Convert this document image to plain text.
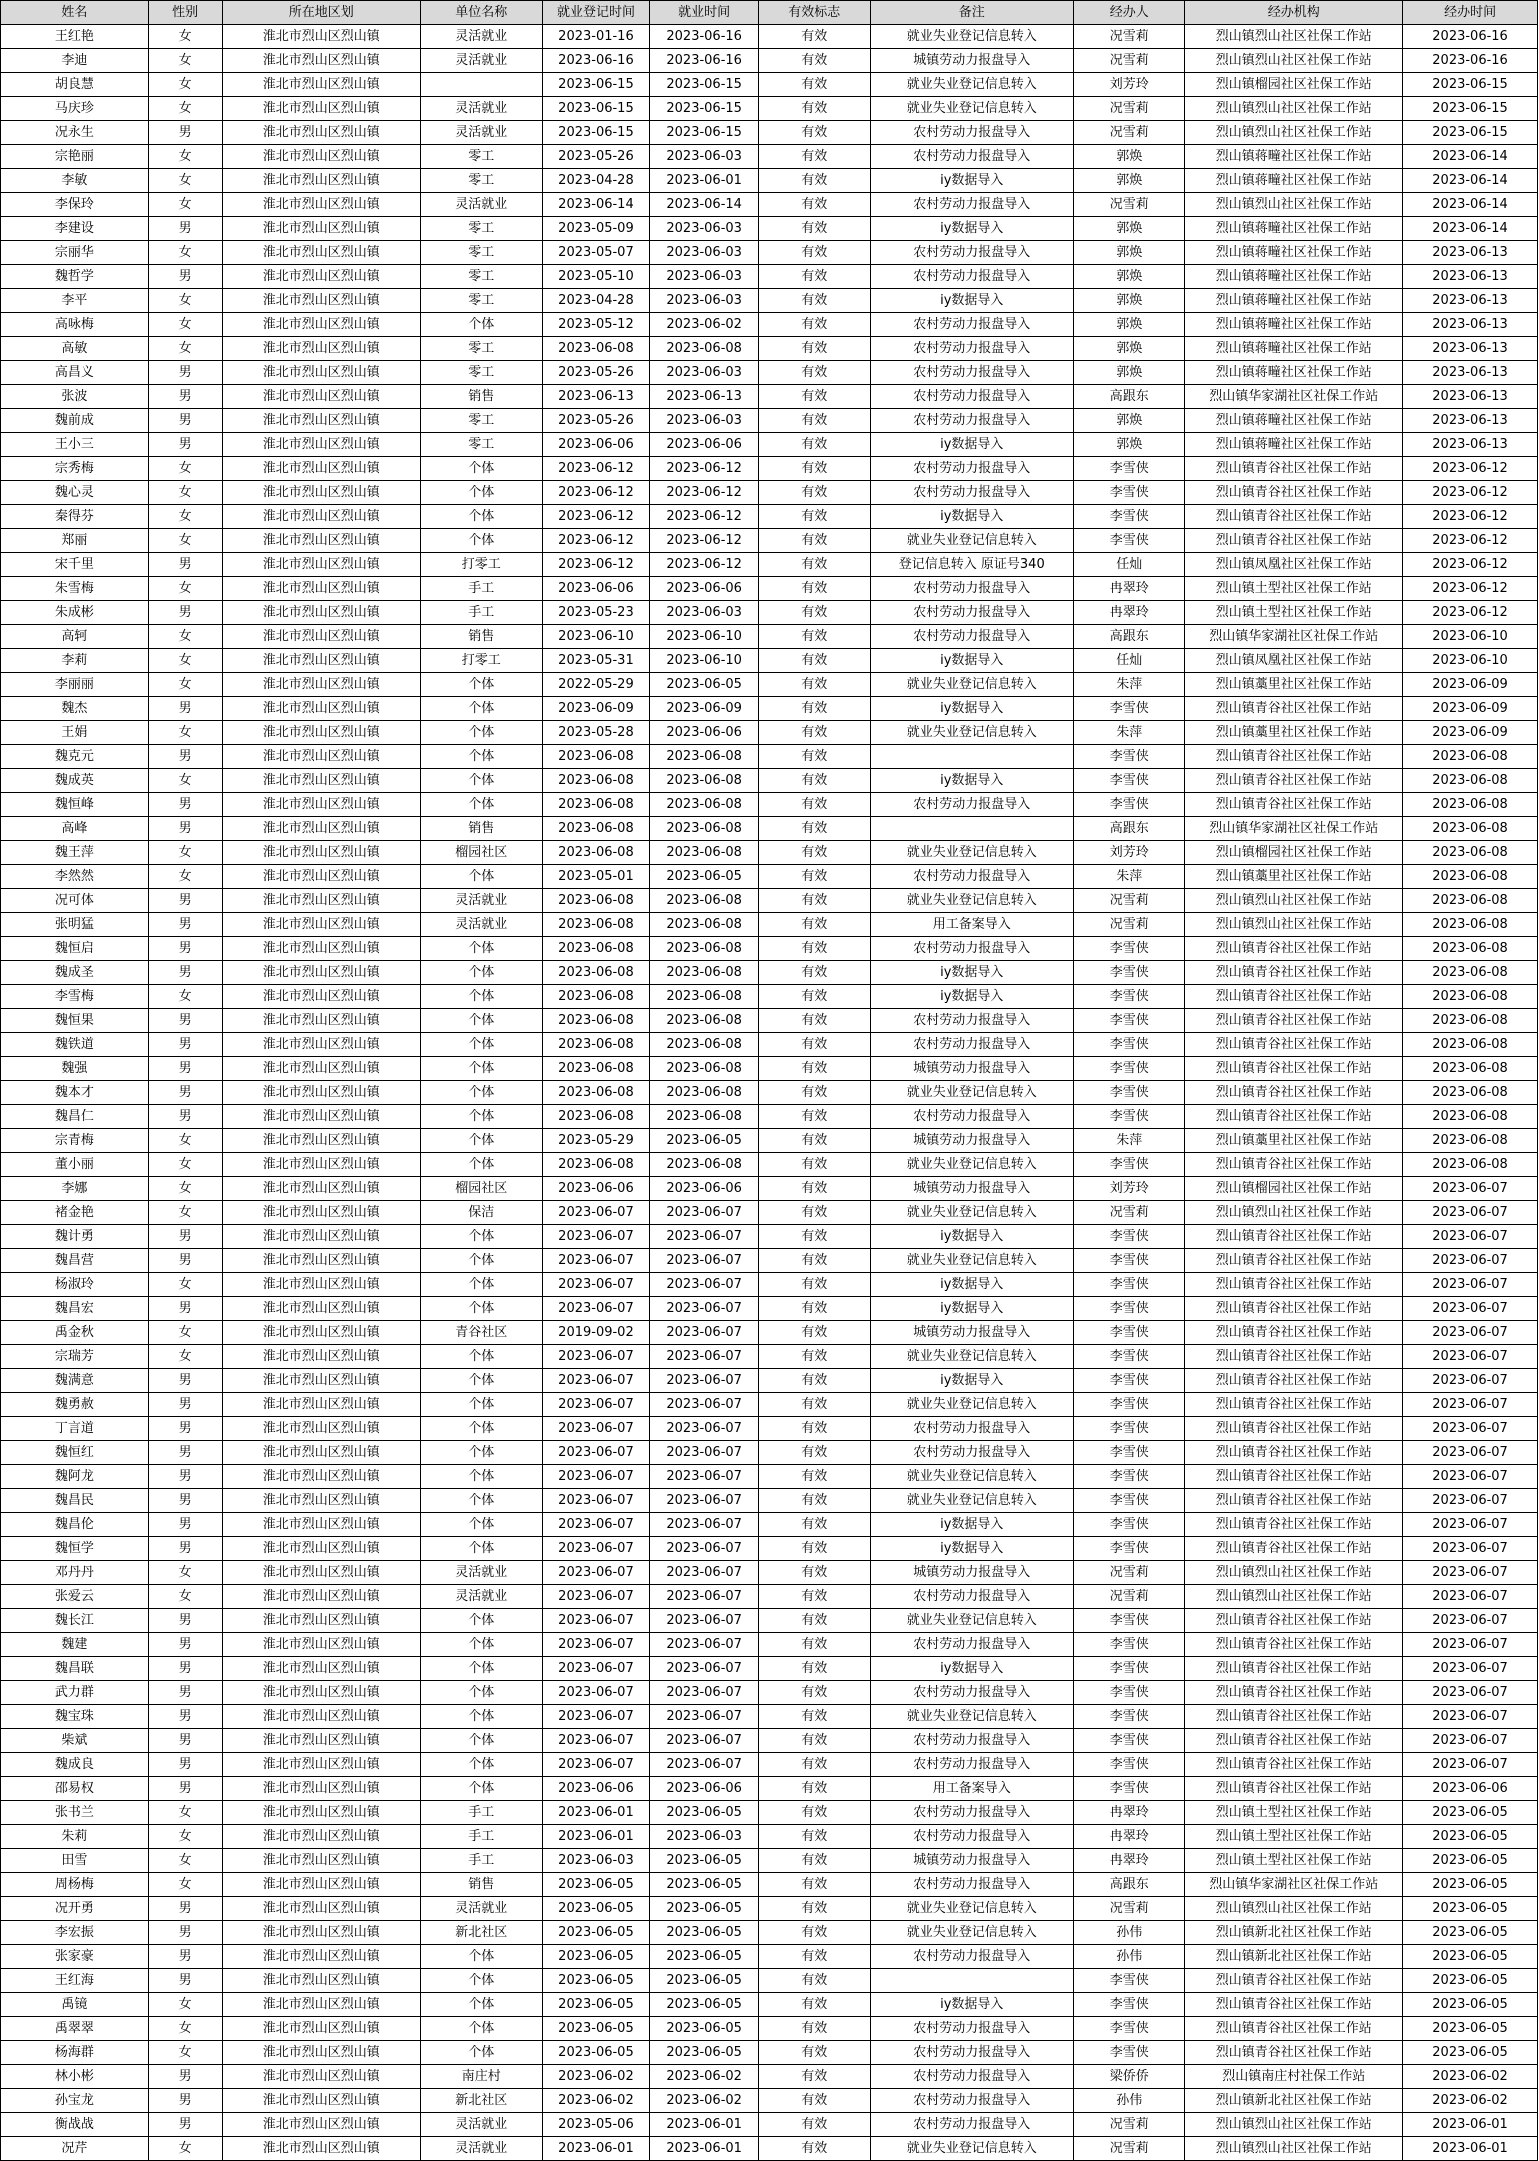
姓名	性别	所在地区划	单位名称	就业登记时间	就业时间	有效标志	备注	经办人	经办机构	经办时间
王红艳	女	淮北市烈山区烈山镇	灵活就业	2023-01-16	2023-06-16	有效	就业失业登记信息转入	况雪莉	烈山镇烈山社区社保工作站	2023-06-16
李迪	女	淮北市烈山区烈山镇	灵活就业	2023-06-16	2023-06-16	有效	城镇劳动力报盘导入	况雪莉	烈山镇烈山社区社保工作站	2023-06-16
胡良慧	女	淮北市烈山区烈山镇		2023-06-15	2023-06-15	有效	就业失业登记信息转入	刘芳玲	烈山镇榴园社区社保工作站	2023-06-15
马庆珍	女	淮北市烈山区烈山镇	灵活就业	2023-06-15	2023-06-15	有效	就业失业登记信息转入	况雪莉	烈山镇烈山社区社保工作站	2023-06-15
况永生	男	淮北市烈山区烈山镇	灵活就业	2023-06-15	2023-06-15	有效	农村劳动力报盘导入	况雪莉	烈山镇烈山社区社保工作站	2023-06-15
宗艳丽	女	淮北市烈山区烈山镇	零工	2023-05-26	2023-06-03	有效	农村劳动力报盘导入	郭焕	烈山镇蒋疃社区社保工作站	2023-06-14
李敏	女	淮北市烈山区烈山镇	零工	2023-04-28	2023-06-01	有效	iy数据导入	郭焕	烈山镇蒋疃社区社保工作站	2023-06-14
李保玲	女	淮北市烈山区烈山镇	灵活就业	2023-06-14	2023-06-14	有效	农村劳动力报盘导入	况雪莉	烈山镇烈山社区社保工作站	2023-06-14
李建设	男	淮北市烈山区烈山镇	零工	2023-05-09	2023-06-03	有效	iy数据导入	郭焕	烈山镇蒋疃社区社保工作站	2023-06-14
宗丽华	女	淮北市烈山区烈山镇	零工	2023-05-07	2023-06-03	有效	农村劳动力报盘导入	郭焕	烈山镇蒋疃社区社保工作站	2023-06-13
魏哲学	男	淮北市烈山区烈山镇	零工	2023-05-10	2023-06-03	有效	农村劳动力报盘导入	郭焕	烈山镇蒋疃社区社保工作站	2023-06-13
李平	女	淮北市烈山区烈山镇	零工	2023-04-28	2023-06-03	有效	iy数据导入	郭焕	烈山镇蒋疃社区社保工作站	2023-06-13
高咏梅	女	淮北市烈山区烈山镇	个体	2023-05-12	2023-06-02	有效	农村劳动力报盘导入	郭焕	烈山镇蒋疃社区社保工作站	2023-06-13
高敏	女	淮北市烈山区烈山镇	零工	2023-06-08	2023-06-08	有效	农村劳动力报盘导入	郭焕	烈山镇蒋疃社区社保工作站	2023-06-13
高昌义	男	淮北市烈山区烈山镇	零工	2023-05-26	2023-06-03	有效	农村劳动力报盘导入	郭焕	烈山镇蒋疃社区社保工作站	2023-06-13
张波	男	淮北市烈山区烈山镇	销售	2023-06-13	2023-06-13	有效	农村劳动力报盘导入	高跟东	烈山镇华家湖社区社保工作站	2023-06-13
魏前成	男	淮北市烈山区烈山镇	零工	2023-05-26	2023-06-03	有效	农村劳动力报盘导入	郭焕	烈山镇蒋疃社区社保工作站	2023-06-13
王小三	男	淮北市烈山区烈山镇	零工	2023-06-06	2023-06-06	有效	iy数据导入	郭焕	烈山镇蒋疃社区社保工作站	2023-06-13
宗秀梅	女	淮北市烈山区烈山镇	个体	2023-06-12	2023-06-12	有效	农村劳动力报盘导入	李雪侠	烈山镇青谷社区社保工作站	2023-06-12
魏心灵	女	淮北市烈山区烈山镇	个体	2023-06-12	2023-06-12	有效	农村劳动力报盘导入	李雪侠	烈山镇青谷社区社保工作站	2023-06-12
秦得芬	女	淮北市烈山区烈山镇	个体	2023-06-12	2023-06-12	有效	iy数据导入	李雪侠	烈山镇青谷社区社保工作站	2023-06-12
郑丽	女	淮北市烈山区烈山镇	个体	2023-06-12	2023-06-12	有效	就业失业登记信息转入	李雪侠	烈山镇青谷社区社保工作站	2023-06-12
宋千里	男	淮北市烈山区烈山镇	打零工	2023-06-12	2023-06-12	有效	登记信息转入 原证号340	任灿	烈山镇凤凰社区社保工作站	2023-06-12
朱雪梅	女	淮北市烈山区烈山镇	手工	2023-06-06	2023-06-06	有效	农村劳动力报盘导入	冉翠玲	烈山镇土型社区社保工作站	2023-06-12
朱成彬	男	淮北市烈山区烈山镇	手工	2023-05-23	2023-06-03	有效	农村劳动力报盘导入	冉翠玲	烈山镇土型社区社保工作站	2023-06-12
高轲	女	淮北市烈山区烈山镇	销售	2023-06-10	2023-06-10	有效	农村劳动力报盘导入	高跟东	烈山镇华家湖社区社保工作站	2023-06-10
李莉	女	淮北市烈山区烈山镇	打零工	2023-05-31	2023-06-10	有效	iy数据导入	任灿	烈山镇凤凰社区社保工作站	2023-06-10
李丽丽	女	淮北市烈山区烈山镇	个体	2022-05-29	2023-06-05	有效	就业失业登记信息转入	朱萍	烈山镇藁里社区社保工作站	2023-06-09
魏杰	男	淮北市烈山区烈山镇	个体	2023-06-09	2023-06-09	有效	iy数据导入	李雪侠	烈山镇青谷社区社保工作站	2023-06-09
王娟	女	淮北市烈山区烈山镇	个体	2023-05-28	2023-06-06	有效	就业失业登记信息转入	朱萍	烈山镇藁里社区社保工作站	2023-06-09
魏克元	男	淮北市烈山区烈山镇	个体	2023-06-08	2023-06-08	有效		李雪侠	烈山镇青谷社区社保工作站	2023-06-08
魏成英	女	淮北市烈山区烈山镇	个体	2023-06-08	2023-06-08	有效	iy数据导入	李雪侠	烈山镇青谷社区社保工作站	2023-06-08
魏恒峰	男	淮北市烈山区烈山镇	个体	2023-06-08	2023-06-08	有效	农村劳动力报盘导入	李雪侠	烈山镇青谷社区社保工作站	2023-06-08
高峰	男	淮北市烈山区烈山镇	销售	2023-06-08	2023-06-08	有效		高跟东	烈山镇华家湖社区社保工作站	2023-06-08
魏王萍	女	淮北市烈山区烈山镇	榴园社区	2023-06-08	2023-06-08	有效	就业失业登记信息转入	刘芳玲	烈山镇榴园社区社保工作站	2023-06-08
李然然	女	淮北市烈山区烈山镇	个体	2023-05-01	2023-06-05	有效	农村劳动力报盘导入	朱萍	烈山镇藁里社区社保工作站	2023-06-08
况可体	男	淮北市烈山区烈山镇	灵活就业	2023-06-08	2023-06-08	有效	就业失业登记信息转入	况雪莉	烈山镇烈山社区社保工作站	2023-06-08
张明猛	男	淮北市烈山区烈山镇	灵活就业	2023-06-08	2023-06-08	有效	用工备案导入	况雪莉	烈山镇烈山社区社保工作站	2023-06-08
魏恒启	男	淮北市烈山区烈山镇	个体	2023-06-08	2023-06-08	有效	农村劳动力报盘导入	李雪侠	烈山镇青谷社区社保工作站	2023-06-08
魏成圣	男	淮北市烈山区烈山镇	个体	2023-06-08	2023-06-08	有效	iy数据导入	李雪侠	烈山镇青谷社区社保工作站	2023-06-08
李雪梅	女	淮北市烈山区烈山镇	个体	2023-06-08	2023-06-08	有效	iy数据导入	李雪侠	烈山镇青谷社区社保工作站	2023-06-08
魏恒果	男	淮北市烈山区烈山镇	个体	2023-06-08	2023-06-08	有效	农村劳动力报盘导入	李雪侠	烈山镇青谷社区社保工作站	2023-06-08
魏铁道	男	淮北市烈山区烈山镇	个体	2023-06-08	2023-06-08	有效	农村劳动力报盘导入	李雪侠	烈山镇青谷社区社保工作站	2023-06-08
魏强	男	淮北市烈山区烈山镇	个体	2023-06-08	2023-06-08	有效	城镇劳动力报盘导入	李雪侠	烈山镇青谷社区社保工作站	2023-06-08
魏本才	男	淮北市烈山区烈山镇	个体	2023-06-08	2023-06-08	有效	就业失业登记信息转入	李雪侠	烈山镇青谷社区社保工作站	2023-06-08
魏昌仁	男	淮北市烈山区烈山镇	个体	2023-06-08	2023-06-08	有效	农村劳动力报盘导入	李雪侠	烈山镇青谷社区社保工作站	2023-06-08
宗青梅	女	淮北市烈山区烈山镇	个体	2023-05-29	2023-06-05	有效	城镇劳动力报盘导入	朱萍	烈山镇藁里社区社保工作站	2023-06-08
董小丽	女	淮北市烈山区烈山镇	个体	2023-06-08	2023-06-08	有效	就业失业登记信息转入	李雪侠	烈山镇青谷社区社保工作站	2023-06-08
李娜	女	淮北市烈山区烈山镇	榴园社区	2023-06-06	2023-06-06	有效	城镇劳动力报盘导入	刘芳玲	烈山镇榴园社区社保工作站	2023-06-07
褚金艳	女	淮北市烈山区烈山镇	保洁	2023-06-07	2023-06-07	有效	就业失业登记信息转入	况雪莉	烈山镇烈山社区社保工作站	2023-06-07
魏计勇	男	淮北市烈山区烈山镇	个体	2023-06-07	2023-06-07	有效	iy数据导入	李雪侠	烈山镇青谷社区社保工作站	2023-06-07
魏昌营	男	淮北市烈山区烈山镇	个体	2023-06-07	2023-06-07	有效	就业失业登记信息转入	李雪侠	烈山镇青谷社区社保工作站	2023-06-07
杨淑玲	女	淮北市烈山区烈山镇	个体	2023-06-07	2023-06-07	有效	iy数据导入	李雪侠	烈山镇青谷社区社保工作站	2023-06-07
魏昌宏	男	淮北市烈山区烈山镇	个体	2023-06-07	2023-06-07	有效	iy数据导入	李雪侠	烈山镇青谷社区社保工作站	2023-06-07
禹金秋	女	淮北市烈山区烈山镇	青谷社区	2019-09-02	2023-06-07	有效	城镇劳动力报盘导入	李雪侠	烈山镇青谷社区社保工作站	2023-06-07
宗瑞芳	女	淮北市烈山区烈山镇	个体	2023-06-07	2023-06-07	有效	就业失业登记信息转入	李雪侠	烈山镇青谷社区社保工作站	2023-06-07
魏满意	男	淮北市烈山区烈山镇	个体	2023-06-07	2023-06-07	有效	iy数据导入	李雪侠	烈山镇青谷社区社保工作站	2023-06-07
魏勇赦	男	淮北市烈山区烈山镇	个体	2023-06-07	2023-06-07	有效	就业失业登记信息转入	李雪侠	烈山镇青谷社区社保工作站	2023-06-07
丁言道	男	淮北市烈山区烈山镇	个体	2023-06-07	2023-06-07	有效	农村劳动力报盘导入	李雪侠	烈山镇青谷社区社保工作站	2023-06-07
魏恒红	男	淮北市烈山区烈山镇	个体	2023-06-07	2023-06-07	有效	农村劳动力报盘导入	李雪侠	烈山镇青谷社区社保工作站	2023-06-07
魏阿龙	男	淮北市烈山区烈山镇	个体	2023-06-07	2023-06-07	有效	就业失业登记信息转入	李雪侠	烈山镇青谷社区社保工作站	2023-06-07
魏昌民	男	淮北市烈山区烈山镇	个体	2023-06-07	2023-06-07	有效	就业失业登记信息转入	李雪侠	烈山镇青谷社区社保工作站	2023-06-07
魏昌伦	男	淮北市烈山区烈山镇	个体	2023-06-07	2023-06-07	有效	iy数据导入	李雪侠	烈山镇青谷社区社保工作站	2023-06-07
魏恒学	男	淮北市烈山区烈山镇	个体	2023-06-07	2023-06-07	有效	iy数据导入	李雪侠	烈山镇青谷社区社保工作站	2023-06-07
邓丹丹	女	淮北市烈山区烈山镇	灵活就业	2023-06-07	2023-06-07	有效	城镇劳动力报盘导入	况雪莉	烈山镇烈山社区社保工作站	2023-06-07
张爱云	女	淮北市烈山区烈山镇	灵活就业	2023-06-07	2023-06-07	有效	农村劳动力报盘导入	况雪莉	烈山镇烈山社区社保工作站	2023-06-07
魏长江	男	淮北市烈山区烈山镇	个体	2023-06-07	2023-06-07	有效	就业失业登记信息转入	李雪侠	烈山镇青谷社区社保工作站	2023-06-07
魏建	男	淮北市烈山区烈山镇	个体	2023-06-07	2023-06-07	有效	农村劳动力报盘导入	李雪侠	烈山镇青谷社区社保工作站	2023-06-07
魏昌联	男	淮北市烈山区烈山镇	个体	2023-06-07	2023-06-07	有效	iy数据导入	李雪侠	烈山镇青谷社区社保工作站	2023-06-07
武力群	男	淮北市烈山区烈山镇	个体	2023-06-07	2023-06-07	有效	农村劳动力报盘导入	李雪侠	烈山镇青谷社区社保工作站	2023-06-07
魏宝珠	男	淮北市烈山区烈山镇	个体	2023-06-07	2023-06-07	有效	就业失业登记信息转入	李雪侠	烈山镇青谷社区社保工作站	2023-06-07
柴斌	男	淮北市烈山区烈山镇	个体	2023-06-07	2023-06-07	有效	农村劳动力报盘导入	李雪侠	烈山镇青谷社区社保工作站	2023-06-07
魏成良	男	淮北市烈山区烈山镇	个体	2023-06-07	2023-06-07	有效	农村劳动力报盘导入	李雪侠	烈山镇青谷社区社保工作站	2023-06-07
邵易权	男	淮北市烈山区烈山镇	个体	2023-06-06	2023-06-06	有效	用工备案导入	李雪侠	烈山镇青谷社区社保工作站	2023-06-06
张书兰	女	淮北市烈山区烈山镇	手工	2023-06-01	2023-06-05	有效	农村劳动力报盘导入	冉翠玲	烈山镇土型社区社保工作站	2023-06-05
朱莉	女	淮北市烈山区烈山镇	手工	2023-06-01	2023-06-03	有效	农村劳动力报盘导入	冉翠玲	烈山镇土型社区社保工作站	2023-06-05
田雪	女	淮北市烈山区烈山镇	手工	2023-06-03	2023-06-05	有效	城镇劳动力报盘导入	冉翠玲	烈山镇土型社区社保工作站	2023-06-05
周杨梅	女	淮北市烈山区烈山镇	销售	2023-06-05	2023-06-05	有效	农村劳动力报盘导入	高跟东	烈山镇华家湖社区社保工作站	2023-06-05
况开勇	男	淮北市烈山区烈山镇	灵活就业	2023-06-05	2023-06-05	有效	就业失业登记信息转入	况雪莉	烈山镇烈山社区社保工作站	2023-06-05
李宏振	男	淮北市烈山区烈山镇	新北社区	2023-06-05	2023-06-05	有效	就业失业登记信息转入	孙伟	烈山镇新北社区社保工作站	2023-06-05
张家豪	男	淮北市烈山区烈山镇	个体	2023-06-05	2023-06-05	有效	农村劳动力报盘导入	孙伟	烈山镇新北社区社保工作站	2023-06-05
王红海	男	淮北市烈山区烈山镇	个体	2023-06-05	2023-06-05	有效		李雪侠	烈山镇青谷社区社保工作站	2023-06-05
禹镜	女	淮北市烈山区烈山镇	个体	2023-06-05	2023-06-05	有效	iy数据导入	李雪侠	烈山镇青谷社区社保工作站	2023-06-05
禹翠翠	女	淮北市烈山区烈山镇	个体	2023-06-05	2023-06-05	有效	农村劳动力报盘导入	李雪侠	烈山镇青谷社区社保工作站	2023-06-05
杨海群	女	淮北市烈山区烈山镇	个体	2023-06-05	2023-06-05	有效	农村劳动力报盘导入	李雪侠	烈山镇青谷社区社保工作站	2023-06-05
林小彬	男	淮北市烈山区烈山镇	南庄村	2023-06-02	2023-06-02	有效	农村劳动力报盘导入	梁侨侨	烈山镇南庄村社保工作站	2023-06-02
孙宝龙	男	淮北市烈山区烈山镇	新北社区	2023-06-02	2023-06-02	有效	农村劳动力报盘导入	孙伟	烈山镇新北社区社保工作站	2023-06-02
衡战战	男	淮北市烈山区烈山镇	灵活就业	2023-05-06	2023-06-01	有效	农村劳动力报盘导入	况雪莉	烈山镇烈山社区社保工作站	2023-06-01
况芹	女	淮北市烈山区烈山镇	灵活就业	2023-06-01	2023-06-01	有效	就业失业登记信息转入	况雪莉	烈山镇烈山社区社保工作站	2023-06-01
